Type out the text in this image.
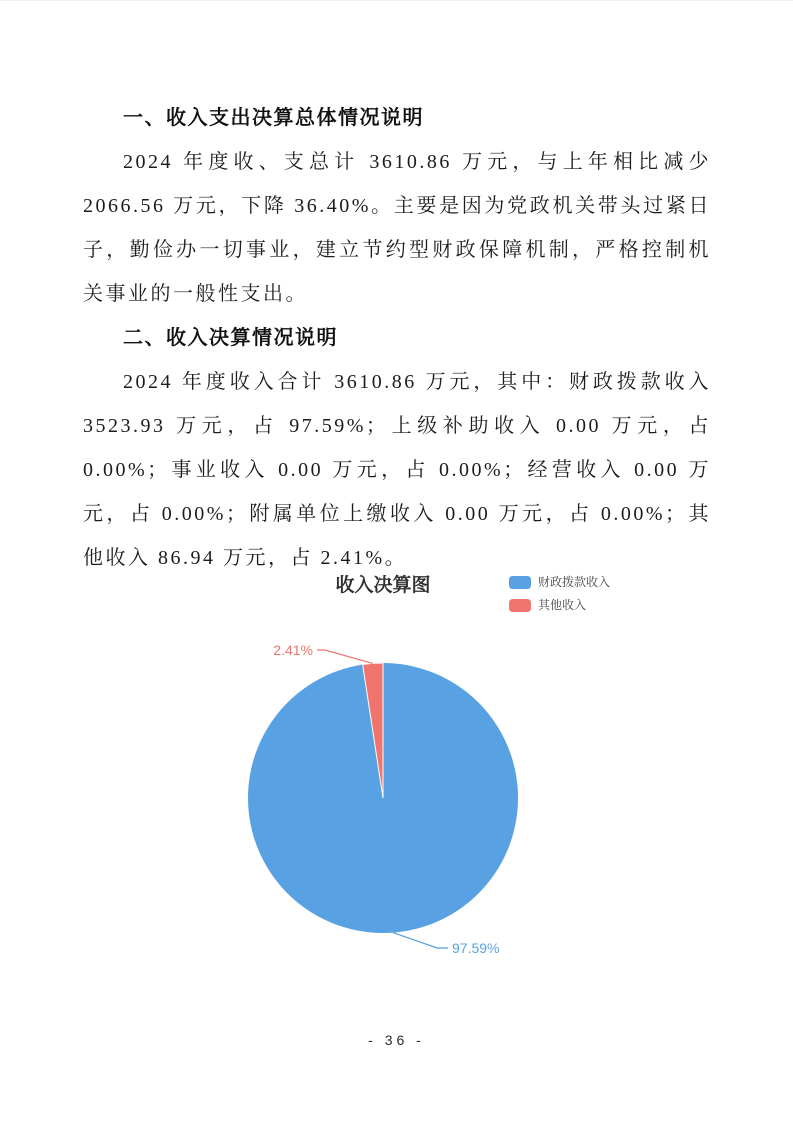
一、收入支出决算总体情况说明

2024 年度收、支总计 3610.86 万元，与上年相比减少 2066.56 万元，下降 36.40%。主要是因为党政机关带头过紧日子，勤俭办一切事业，建立节约型财政保障机制，严格控制机关事业的一般性支出。

二、收入决算情况说明

2024 年度收入合计 3610.86 万元，其中：财政拨款收入 3523.93 万元，占 97.59%；上级补助收入 0.00 万元，占 0.00%；事业收入 0.00 万元，占 0.00%；经营收入 0.00 万元，占 0.00%；附属单位上缴收入 0.00 万元，占 0.00%；其他收入 86.94 万元，占 2.41%。

收入决算图	财政拨款收入
其他收入
2.41%
97.59%
- 36 -
